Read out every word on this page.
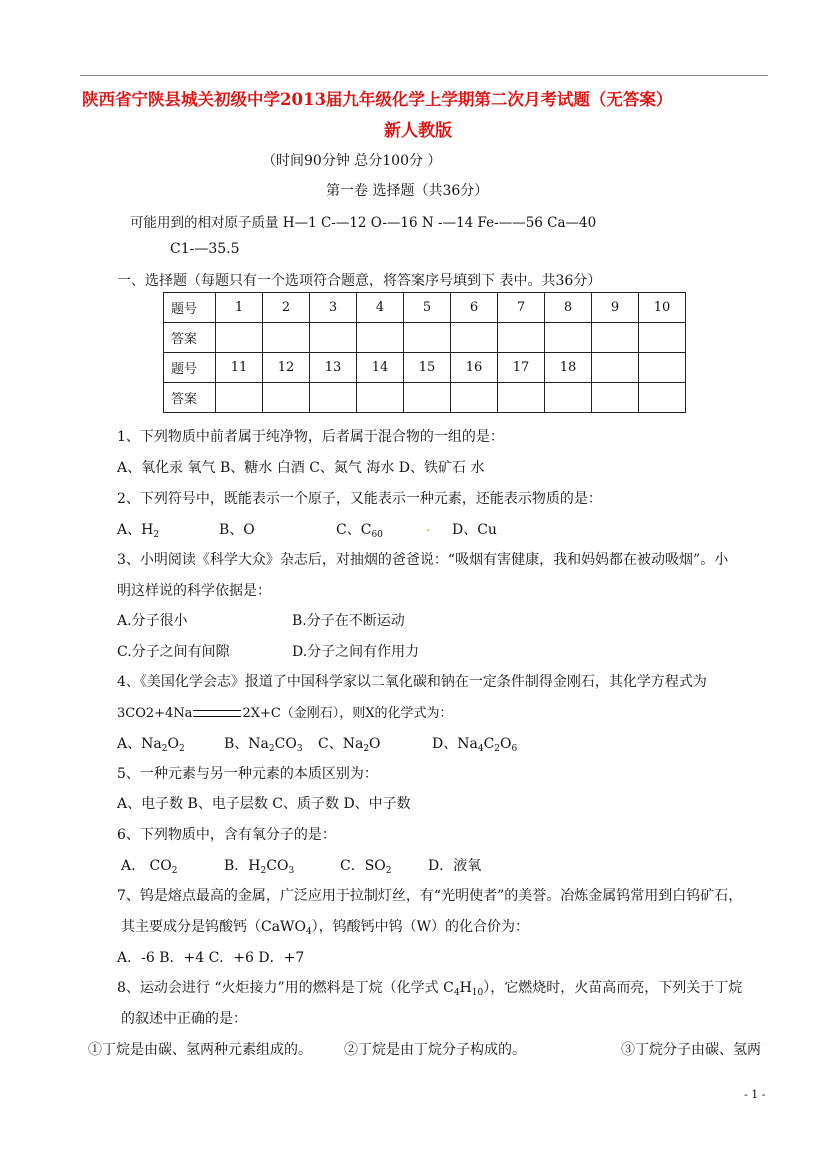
陕西省宁陕县城关初级中学2013届九年级化学上学期第二次月考试题（无答案）
新人教版
（时间90分钟 总分100分 ）
第一卷 选择题（共36分）
可能用到的相对原子质量 H—1 C-—12 O-—16 N -—14 Fe-——56 Ca—40
C1-—35.5
一、选择题（每题只有一个选项符合题意，将答案序号填到下 表中。共36分）
题号	1	2	3	4	5	6	7	8	9	10
答案										
题号	11	12	13	14	15	16	17	18		
答案										
1、下列物质中前者属于纯净物，后者属于混合物的一组的是：
A、氧化汞 氧气 B、糖水 白酒 C、氮气 海水 D、铁矿石 水
2、下列符号中，既能表示一个原子，又能表示一种元素，还能表示物质的是：
A、$H_2$	B、O	C、$C_{60}$	. D、Cu
3、小明阅读《科学大众》杂志后，对抽烟的爸爸说：“吸烟有害健康，我和妈妈都在被动吸烟”。小
明这样说的科学依据是：
A.分子很小	B.分子在不断运动
C.分子之间有间隙	D.分子之间有作用力
4、《美国化学会志》报道了中国科学家以二氧化碳和钠在一定条件制得金刚石，其化学方程式为
3CO2+4Na	2X+C（金刚石），则X的化学式为：
A、$Na_2O_2$	B、$Na_2CO_3$ C、$Na_2O$	D、$Na_4C_2O_6$
5、一种元素与另一种元素的本质区别为：
A、电子数 B、电子层数 C、质子数 D、中子数
6、下列物质中，含有氧分子的是：
A． $CO_2$	B．$H_2CO_3$	C．$SO_2$	D．液氧
7、钨是熔点最高的金属，广泛应用于拉制灯丝，有“光明使者”的美誉。冶炼金属钨常用到白钨矿石，
其主要成分是钨酸钙（CaWO$_4$），钨酸钙中钨（W）的化合价为：
A．-6 B．+4 C．+6 D．+7
8、运动会进行 “火炬接力”用的燃料是丁烷（化学式 $C_4H_{10}$），它燃烧时，火苗高而亮，下列关于丁烷
的叙述中正确的是：
①丁烷是由碳、氢两种元素组成的。 ②丁烷是由丁烷分子构成的。	③丁烷分子由碳、氢两
- 1 -
